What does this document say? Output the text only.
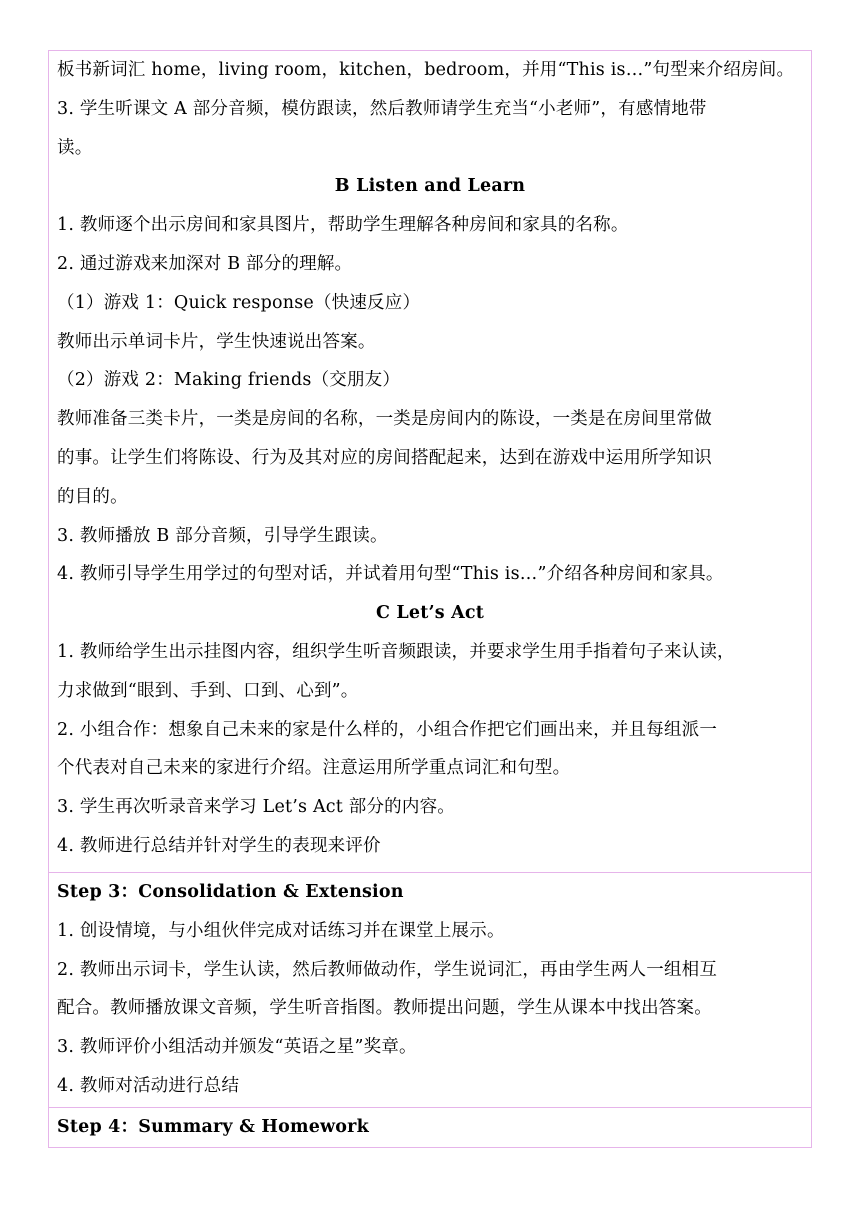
板书新词汇 home，living room，kitchen，bedroom，并用“This is…”句型来介绍房间。
3. 学生听课文 A 部分音频，模仿跟读，然后教师请学生充当“小老师”，有感情地带
读。
B Listen and Learn
1. 教师逐个出示房间和家具图片，帮助学生理解各种房间和家具的名称。
2. 通过游戏来加深对 B 部分的理解。
（1）游戏 1：Quick response（快速反应）
教师出示单词卡片，学生快速说出答案。
（2）游戏 2：Making friends（交朋友）
教师准备三类卡片，一类是房间的名称，一类是房间内的陈设，一类是在房间里常做
的事。让学生们将陈设、行为及其对应的房间搭配起来，达到在游戏中运用所学知识
的目的。
3. 教师播放 B 部分音频，引导学生跟读。
4. 教师引导学生用学过的句型对话，并试着用句型“This is…”介绍各种房间和家具。
C Let’s Act
1. 教师给学生出示挂图内容，组织学生听音频跟读，并要求学生用手指着句子来认读，
力求做到“眼到、手到、口到、心到”。
2. 小组合作：想象自己未来的家是什么样的，小组合作把它们画出来，并且每组派一
个代表对自己未来的家进行介绍。注意运用所学重点词汇和句型。
3. 学生再次听录音来学习 Let’s Act 部分的内容。
4. 教师进行总结并针对学生的表现来评价

Step 3：Consolidation & Extension
1. 创设情境，与小组伙伴完成对话练习并在课堂上展示。
2. 教师出示词卡，学生认读，然后教师做动作，学生说词汇，再由学生两人一组相互
配合。教师播放课文音频，学生听音指图。教师提出问题，学生从课本中找出答案。
3. 教师评价小组活动并颁发“英语之星”奖章。
4. 教师对活动进行总结

Step 4：Summary & Homework
